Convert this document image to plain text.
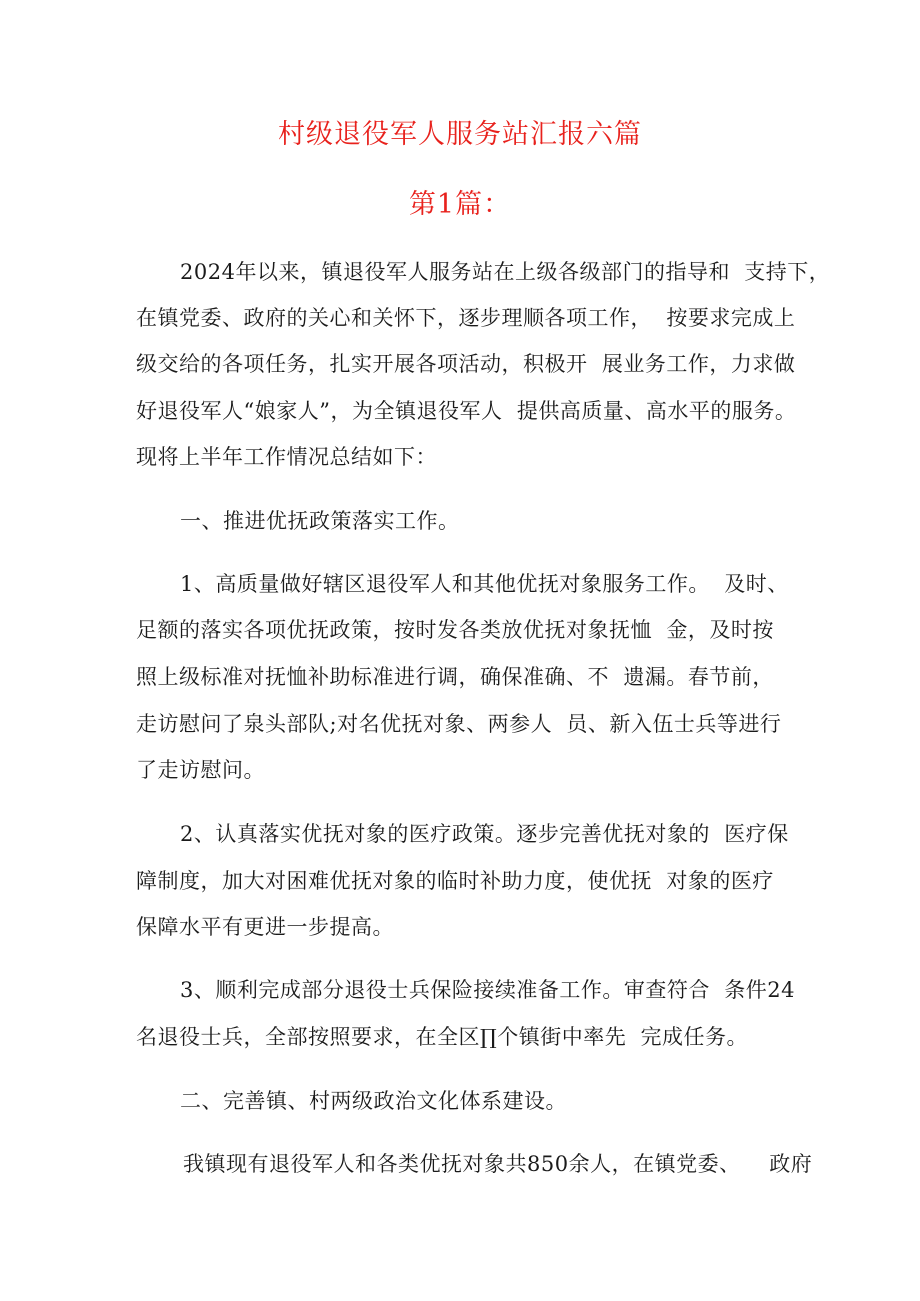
村级退役军人服务站汇报六篇
第1篇：
2024年以来，镇退役军人服务站在上级各级部门的指导和  支持下，
在镇党委、政府的关心和关怀下，逐步理顺各项工作，  按要求完成上
级交给的各项任务，扎实开展各项活动，积极开  展业务工作，力求做
好退役军人“娘家人”，为全镇退役军人  提供高质量、高水平的服务。
现将上半年工作情况总结如下：
一、推进优抚政策落实工作。
1、高质量做好辖区退役军人和其他优抚对象服务工作。  及时、
足额的落实各项优抚政策，按时发各类放优抚对象抚恤  金，及时按
照上级标准对抚恤补助标准进行调，确保准确、不  遗漏。春节前，
走访慰问了泉头部队;对名优抚对象、两参人  员、新入伍士兵等进行
了走访慰问。
2、认真落实优抚对象的医疗政策。逐步完善优抚对象的  医疗保
障制度，加大对困难优抚对象的临时补助力度，使优抚  对象的医疗
保障水平有更进一步提高。
3、顺利完成部分退役士兵保险接续准备工作。审查符合  条件24
名退役士兵，全部按照要求，在全区∏个镇街中率先  完成任务。
二、完善镇、村两级政治文化体系建设。
我镇现有退役军人和各类优抚对象共850余人，在镇党委、    政府
